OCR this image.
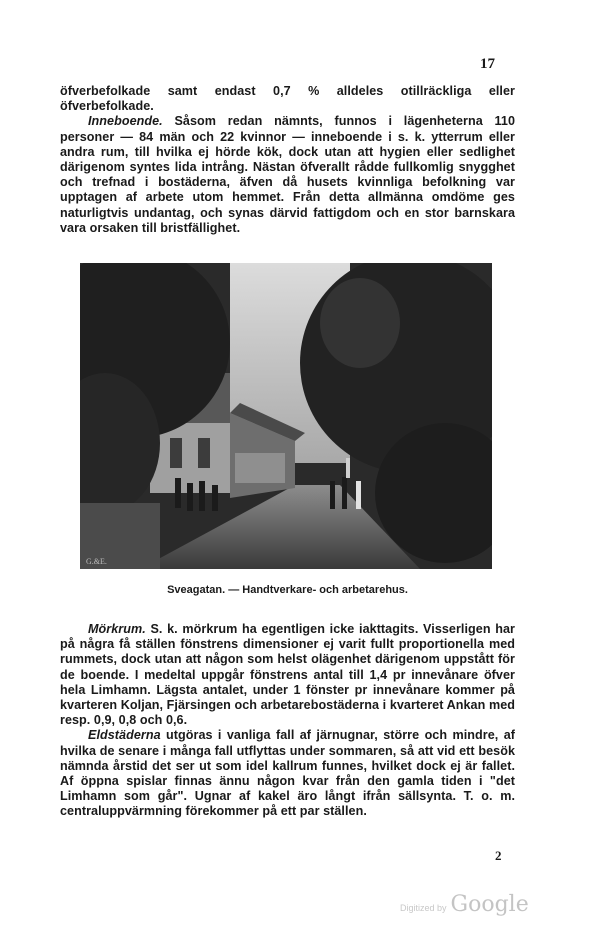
17

öfverbefolkade samt endast 0,7 % alldeles otillräckliga eller öfverbefolkade.

Inneboende. Såsom redan nämnts, funnos i lägenheterna 110 personer — 84 män och 22 kvinnor — inneboende i s. k. ytterrum eller andra rum, till hvilka ej hörde kök, dock utan att hygien eller sedlighet därigenom syntes lida intrång. Nästan öfverallt rådde fullkomlig snygghet och trefnad i bostäderna, äfven då husets kvinnliga befolkning var upptagen af arbete utom hemmet. Från detta allmänna omdöme ges naturligtvis undantag, och synas därvid fattigdom och en stor barnskara vara orsaken till bristfällighet.

G.&E.
Sveagatan. — Handtverkare- och arbetarehus.

Mörkrum. S. k. mörkrum ha egentligen icke iakttagits. Visserligen har på några få ställen fönstrens dimensioner ej varit fullt proportionella med rummets, dock utan att någon som helst olägenhet därigenom uppstått för de boende. I medeltal uppgår fönstrens antal till 1,4 pr innevånare öfver hela Limhamn. Lägsta antalet, under 1 fönster pr innevånare kommer på kvarteren Koljan, Fjärsingen och arbetarebostäderna i kvarteret Ankan med resp. 0,9, 0,8 och 0,6.

Eldstäderna utgöras i vanliga fall af järnugnar, större och mindre, af hvilka de senare i många fall utflyttas under sommaren, så att vid ett besök nämnda årstid det ser ut som idel kallrum funnes, hvilket dock ej är fallet. Af öppna spislar finnas ännu någon kvar från den gamla tiden i "det Limhamn som går". Ugnar af kakel äro långt ifrån sällsynta. T. o. m. centraluppvärmning förekommer på ett par ställen.

2
Digitized by Google
